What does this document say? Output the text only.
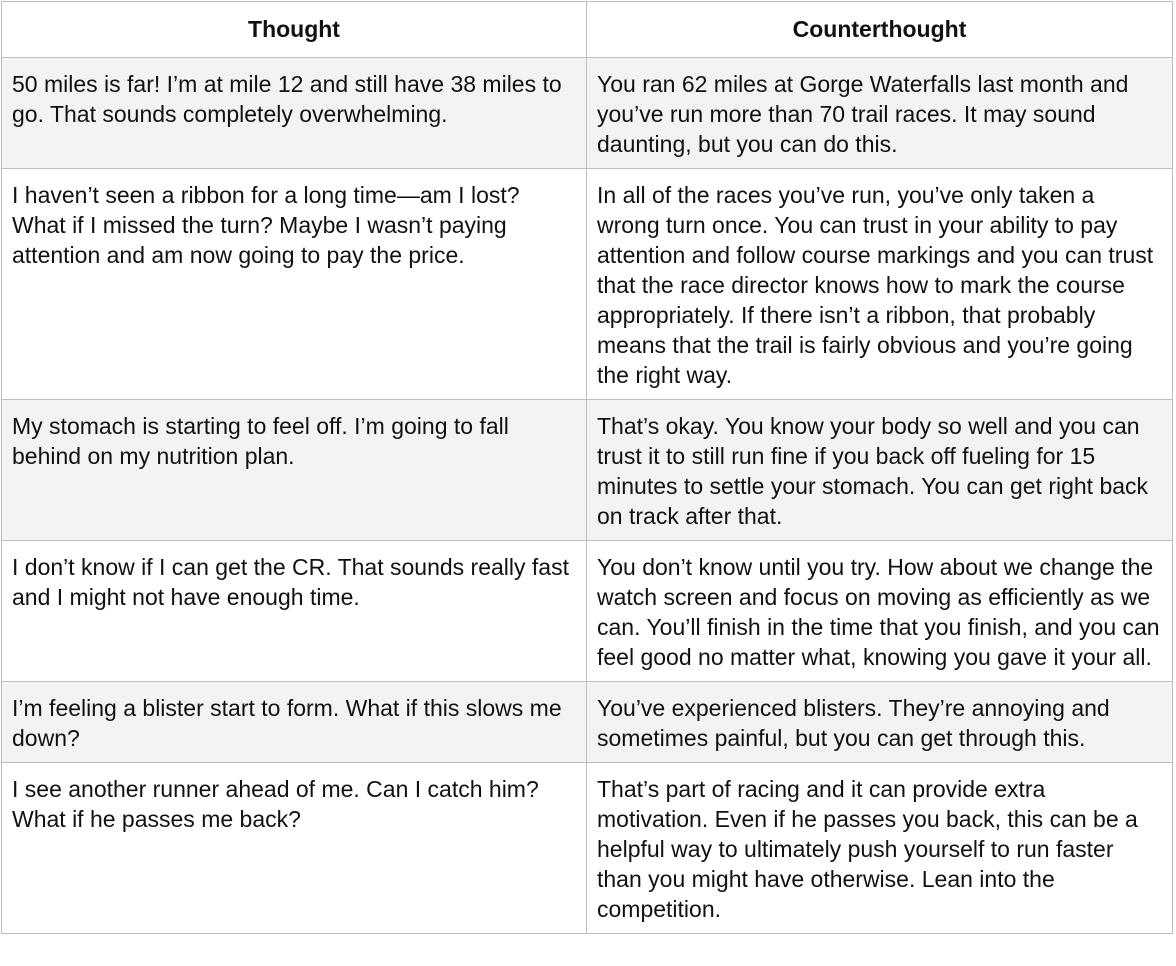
Thought	Counterthought

50 miles is far! I’m at mile 12 and still have 38 miles to go. That sounds completely overwhelming.	You ran 62 miles at Gorge Waterfalls last month and you’ve run more than 70 trail races. It may sound daunting, but you can do this.

I haven’t seen a ribbon for a long time—am I lost? What if I missed the turn? Maybe I wasn’t paying attention and am now going to pay the price.	In all of the races you’ve run, you’ve only taken a wrong turn once. You can trust in your ability to pay attention and follow course markings and you can trust that the race director knows how to mark the course appropriately. If there isn’t a ribbon, that probably means that the trail is fairly obvious and you’re going the right way.

My stomach is starting to feel off. I’m going to fall behind on my nutrition plan.	That’s okay. You know your body so well and you can trust it to still run fine if you back off fueling for 15 minutes to settle your stomach. You can get right back on track after that.

I don’t know if I can get the CR. That sounds really fast and I might not have enough time.	You don’t know until you try. How about we change the watch screen and focus on moving as efficiently as we can. You’ll finish in the time that you finish, and you can feel good no matter what, knowing you gave it your all.

I’m feeling a blister start to form. What if this slows me down?	You’ve experienced blisters. They’re annoying and sometimes painful, but you can get through this.

I see another runner ahead of me. Can I catch him? What if he passes me back?	That’s part of racing and it can provide extra motivation. Even if he passes you back, this can be a helpful way to ultimately push yourself to run faster than you might have otherwise. Lean into the competition.
